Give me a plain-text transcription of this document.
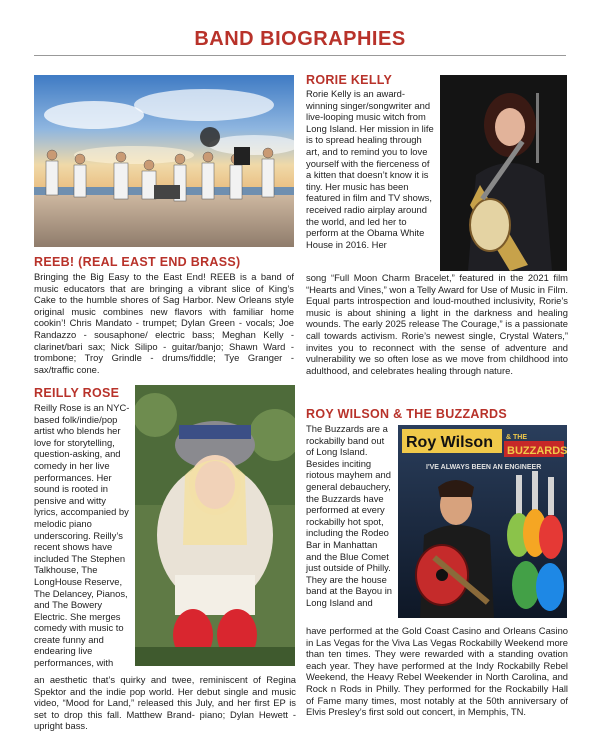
BAND BIOGRAPHIES
REEB! (REAL EAST END BRASS)

Bringing the Big Easy to the East End! REEB is a band of music educators that are bringing a vibrant slice of King’s Cake to the humble shores of Sag Harbor. New Orleans style original music combines new flavors with familiar home cookin’! Chris Mandato - trumpet; Dylan Green - vocals; Joe Randazzo - sousaphone/ electric bass; Meghan Kelly - clarinet/bari sax; Nick Silipo - guitar/banjo; Shawn Ward - trombone; Troy Grindle - drums/fiddle; Tye Granger - sax/traffic cone.

REILLY ROSE

Reilly Rose is an NYC-based folk/indie/pop artist who blends her love for storytelling, question-asking, and comedy in her live performances. Her sound is rooted in pensive and witty lyrics, accompanied by melodic piano underscoring. Reilly’s recent shows have included The Stephen Talkhouse, The LongHouse Reserve, The Delancey, Pianos, and The Bowery Electric. She merges comedy with music to create funny and endearing live performances, with

an aesthetic that’s quirky and twee, reminiscent of Regina Spektor and the indie pop world. Her debut single and music video, “Mood for Land,” released this July, and her first EP is set to drop this fall. Matthew Brand- piano; Dylan Hewett - upright bass.

RORIE KELLY

Rorie Kelly is an award-winning singer/songwriter and live-looping music witch from Long Island. Her mission in life is to spread healing through art, and to remind you to love yourself with the fierceness of a kitten that doesn’t know it is tiny. Her music has been featured in film and TV shows, received radio airplay around the world, and led her to perform at the Obama White House in 2016. Her

song “Full Moon Charm Bracelet,” featured in the 2021 film “Hearts and Vines,” won a Telly Award for Use of Music in Film. Equal parts introspection and loud-mouthed inclusivity, Rorie’s music is about shining a light in the darkness and healing wounds. The early 2025 release The Courage,” is a passionate call towards activism. Rorie’s newest single, Crystal Waters,” invites you to reconnect with the sense of adventure and vulnerability we so often lose as we move from childhood into adulthood, and celebrates healing through nature.

ROY WILSON & THE BUZZARDS

The Buzzards are a rockabilly band out of Long Island. Besides inciting riotous mayhem and general debauchery, the Buzzards have performed at every rockabilly hot spot, including the Rodeo Bar in Manhattan and the Blue Comet just outside of Philly. They are the house band at the Bayou in Long Island and

Roy Wilson & THE
BUZZARDS
I'VE ALWAYS BEEN AN ENGINEER

have performed at the Gold Coast Casino and Orleans Casino in Las Vegas for the Viva Las Vegas Rockabilly Weekend more than ten times. They were rewarded with a standing ovation each year. They have performed at the Indy Rockabilly Rebel Weekend, the Heavy Rebel Weekender in North Carolina, and Rock n Rods in Philly. They performed for the Rockabilly Hall of Fame many times, most notably at the 50th anniversary of Elvis Presley’s first sold out concert, in Memphis, TN.
